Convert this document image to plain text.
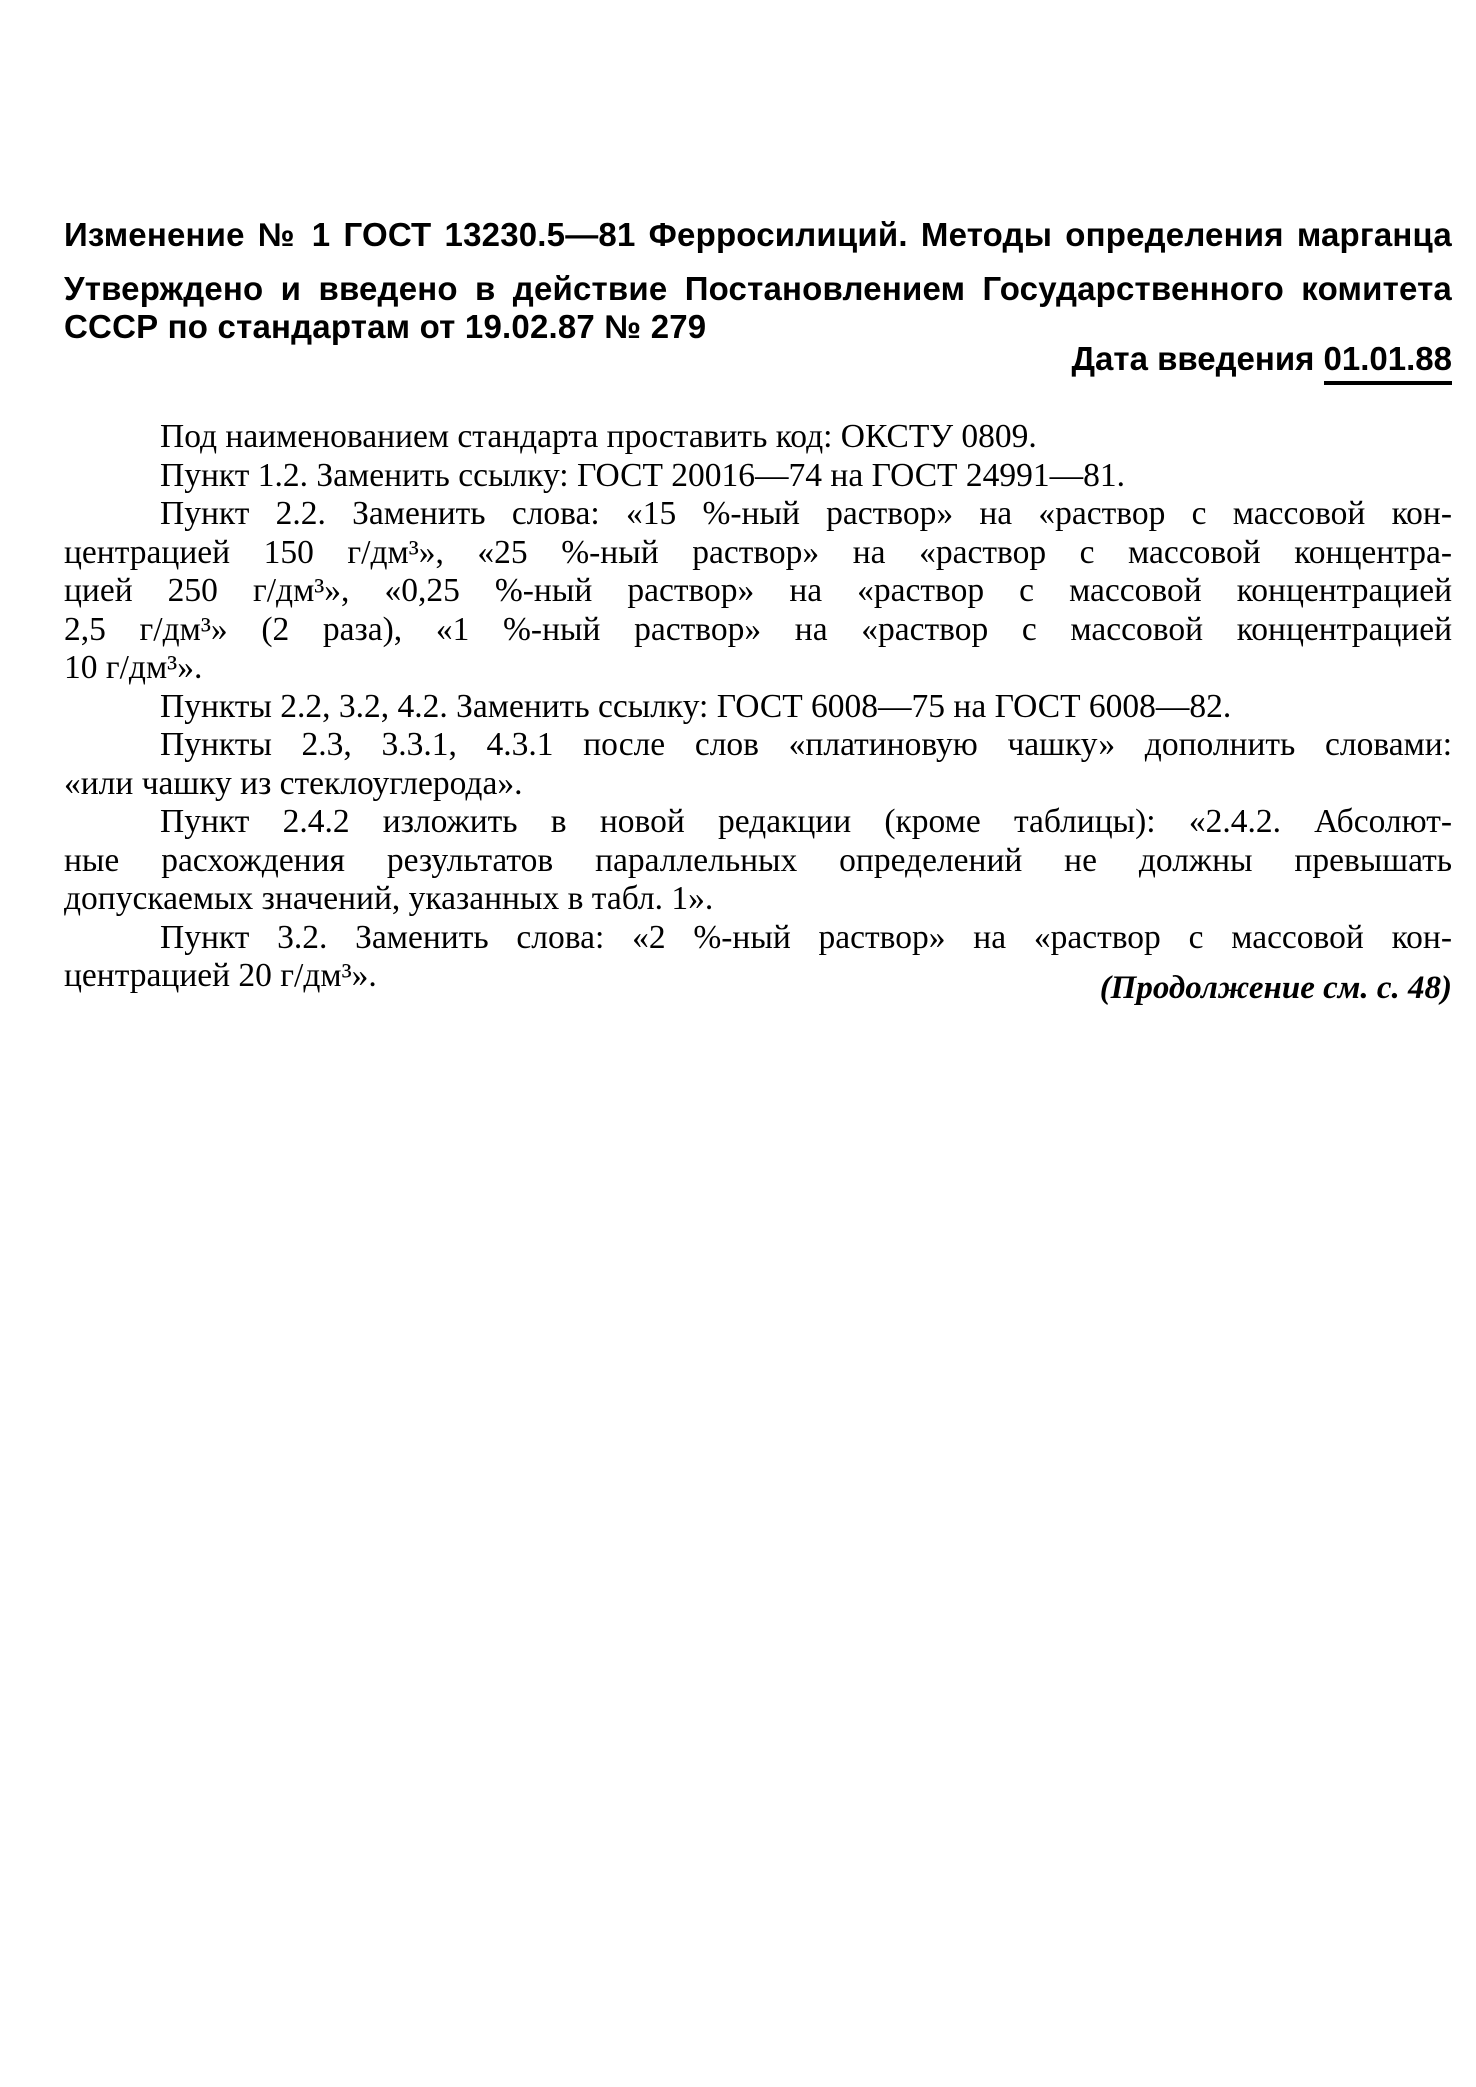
Изменение № 1 ГОСТ 13230.5—81 Ферросилиций. Методы определения марганца
Утверждено и введено в действие Постановлением Государственного комитета
СССР по стандартам от 19.02.87 № 279
Дата введения 01.01.88
Под наименованием стандарта проставить код: ОКСТУ 0809.
Пункт 1.2. Заменить ссылку: ГОСТ 20016—74 на ГОСТ 24991—81.
Пункт 2.2. Заменить слова: «15 %-ный раствор» на «раствор с массовой кон-
центрацией 150 г/дм³», «25 %-ный раствор» на «раствор с массовой концентра-
цией 250 г/дм³», «0,25 %-ный раствор» на «раствор с массовой концентрацией
2,5 г/дм³» (2 раза), «1 %-ный раствор» на «раствор с массовой концентрацией
10 г/дм³».
Пункты 2.2, 3.2, 4.2. Заменить ссылку: ГОСТ 6008—75 на ГОСТ 6008—82.
Пункты 2.3, 3.3.1, 4.3.1 после слов «платиновую чашку» дополнить словами:
«или чашку из стеклоуглерода».
Пункт 2.4.2 изложить в новой редакции (кроме таблицы): «2.4.2. Абсолют-
ные расхождения результатов параллельных определений не должны превышать
допускаемых значений, указанных в табл. 1».
Пункт 3.2. Заменить слова: «2 %-ный раствор» на «раствор с массовой кон-
центрацией 20 г/дм³».	(Продолжение см. с. 48)
